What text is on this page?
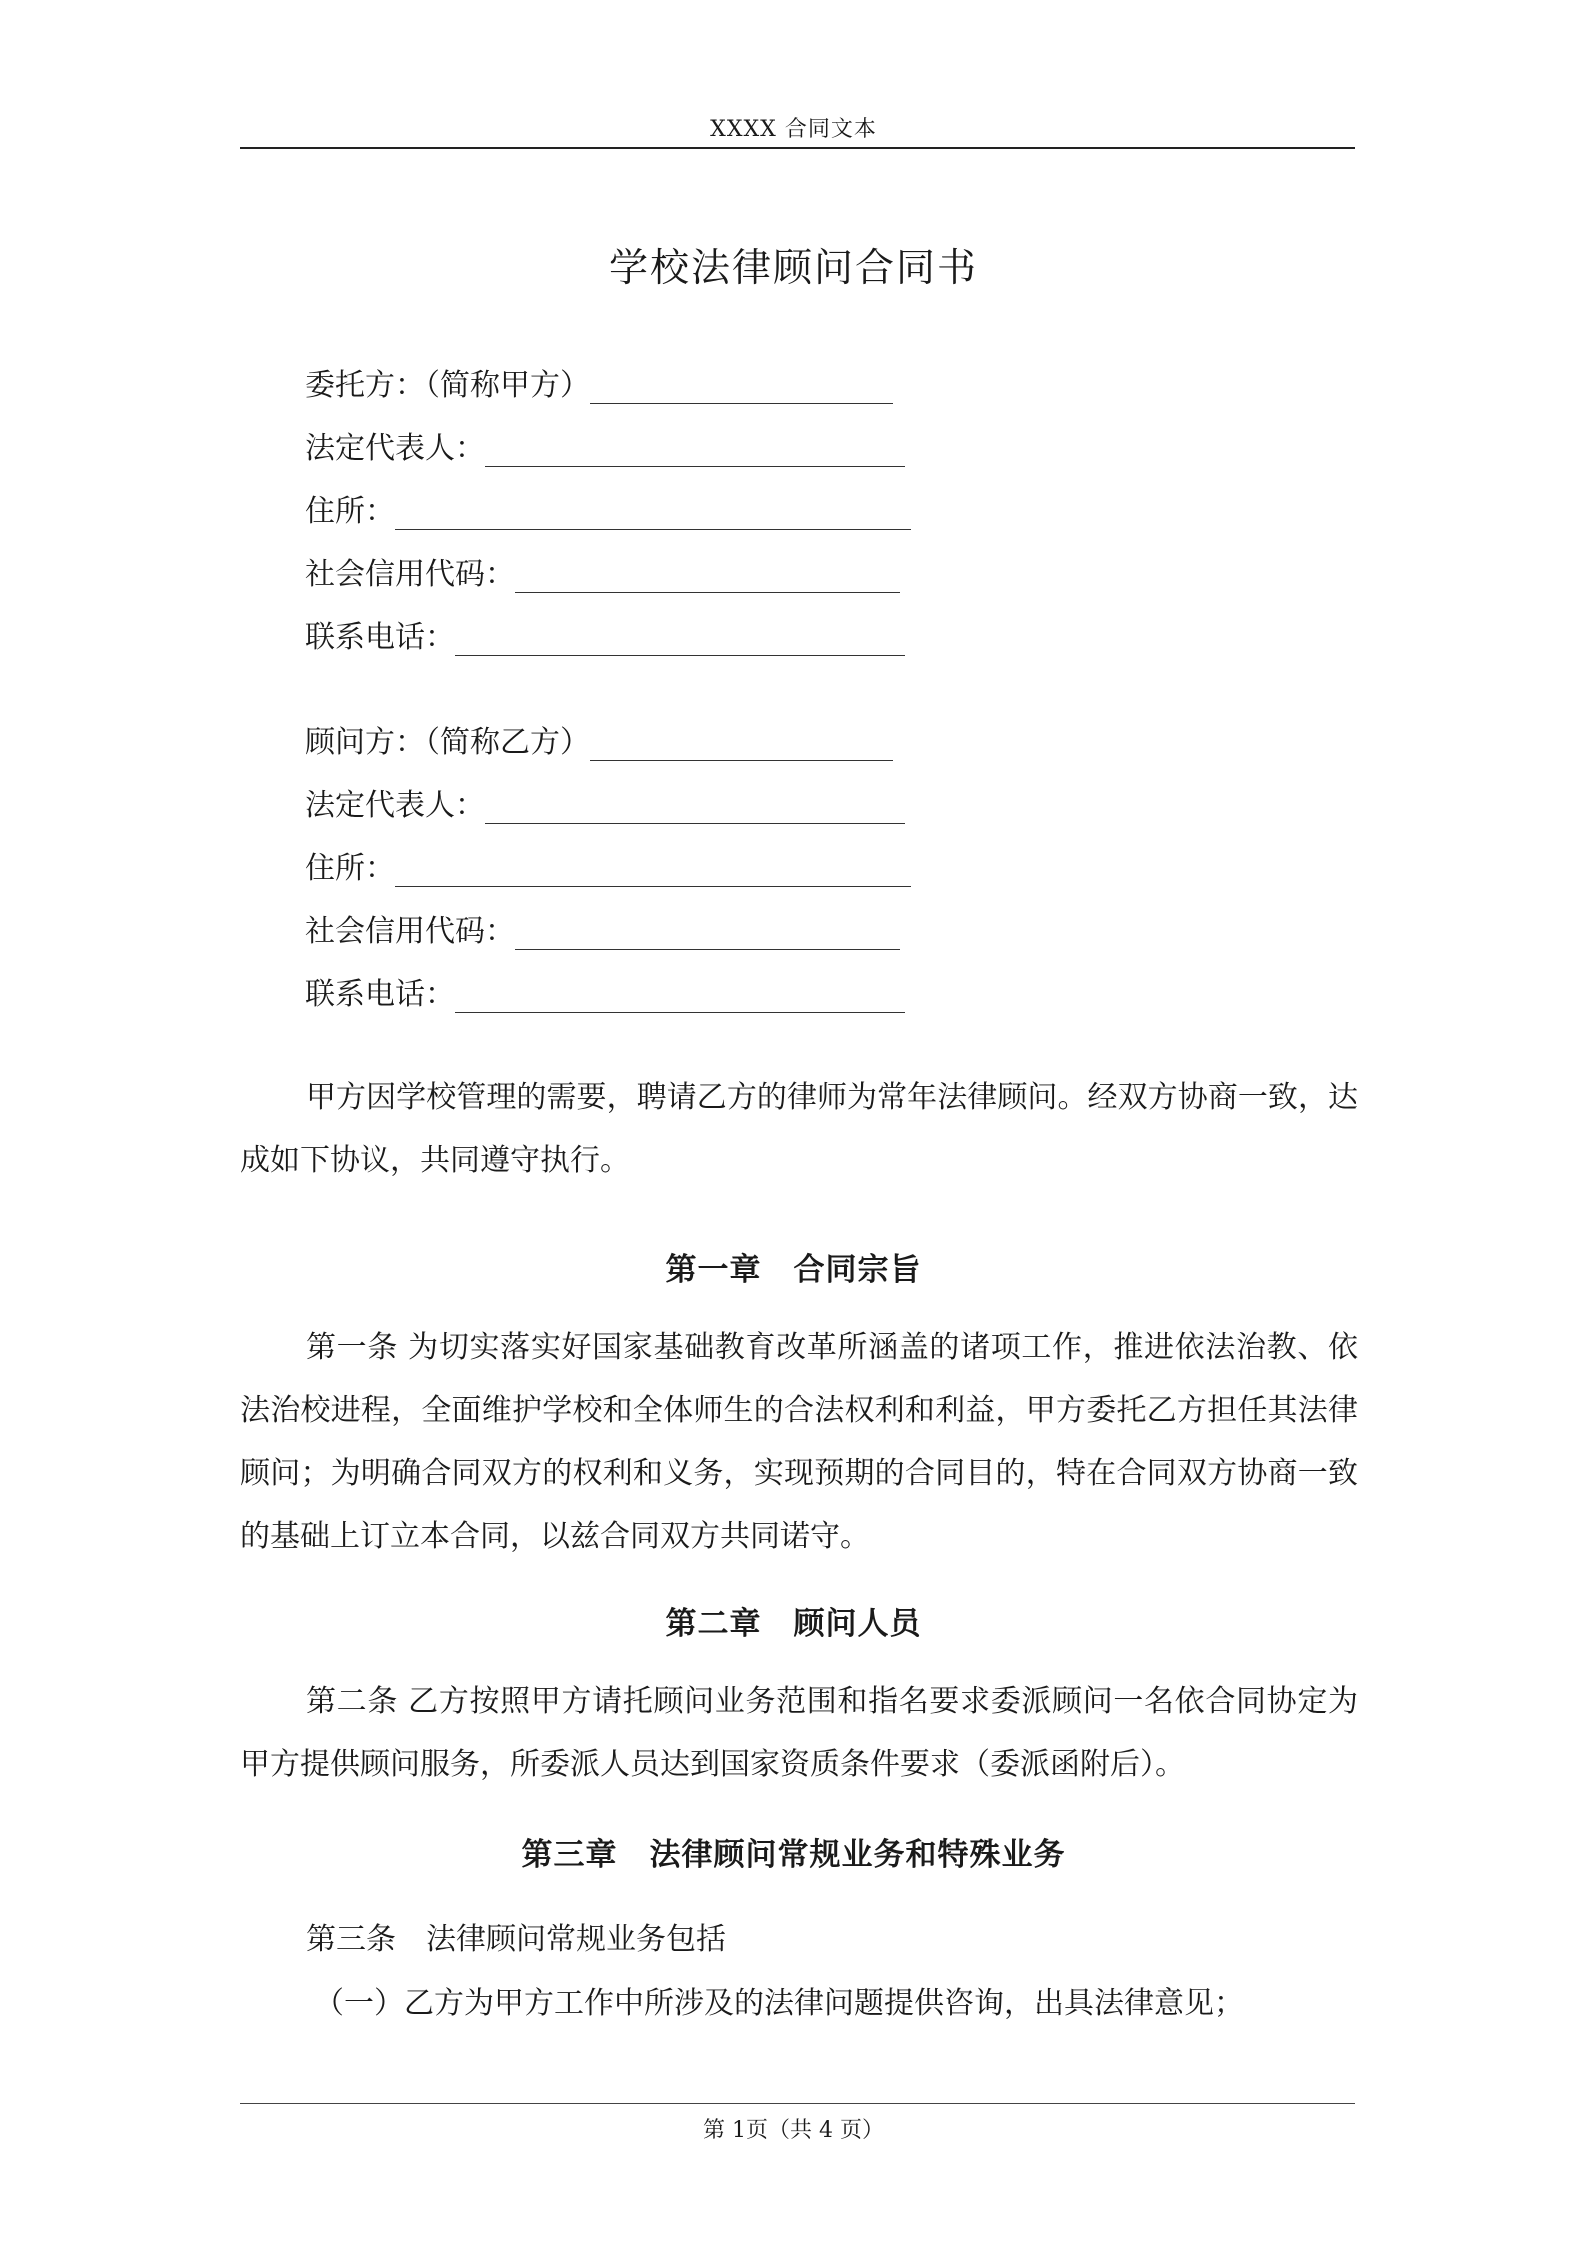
XXXX 合同文本
学校法律顾问合同书
委托方：（简称甲方）
法定代表人：
住所：
社会信用代码：
联系电话：
顾问方：（简称乙方）
法定代表人：
住所：
社会信用代码：
联系电话：
甲方因学校管理的需要，聘请乙方的律师为常年法律顾问。经双方协商一致，达成如下协议，共同遵守执行。
第一章　合同宗旨
第一条 为切实落实好国家基础教育改革所涵盖的诸项工作，推进依法治教、依法治校进程，全面维护学校和全体师生的合法权利和利益，甲方委托乙方担任其法律顾问；为明确合同双方的权利和义务，实现预期的合同目的，特在合同双方协商一致的基础上订立本合同，以兹合同双方共同诺守。
第二章　顾问人员
第二条 乙方按照甲方请托顾问业务范围和指名要求委派顾问一名依合同协定为甲方提供顾问服务，所委派人员达到国家资质条件要求（委派函附后）。
第三章　法律顾问常规业务和特殊业务
第三条　法律顾问常规业务包括
（一）乙方为甲方工作中所涉及的法律问题提供咨询，出具法律意见；
第 1页（共 4 页）
